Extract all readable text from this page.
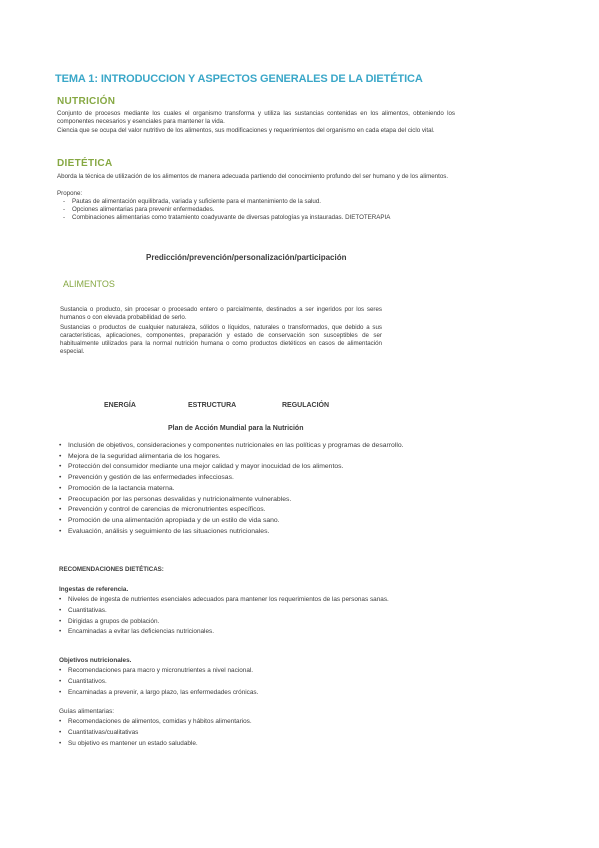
TEMA 1: INTRODUCCION Y ASPECTOS GENERALES DE LA DIETÉTICA
NUTRICIÓN
Conjunto de procesos mediante los cuales el organismo transforma y utiliza las sustancias contenidas en los alimentos, obteniendo los componentes necesarios y esenciales para mantener la vida.
Ciencia que se ocupa del valor nutritivo de los alimentos, sus modificaciones y requerimientos del organismo en cada etapa del ciclo vital.
DIETÉTICA
Aborda la técnica de utilización de los alimentos de manera adecuada partiendo del conocimiento profundo del ser humano y de los alimentos.
Propone:
- Pautas de alimentación equilibrada, variada y suficiente para el mantenimiento de la salud.
- Opciones alimentarias para prevenir enfermedades.
- Combinaciones alimentarias como tratamiento coadyuvante de diversas patologías ya instauradas. DIETOTERAPIA
Predicción/prevención/personalización/participación
ALIMENTOS
Sustancia o producto, sin procesar o procesado entero o parcialmente, destinados a ser ingeridos por los seres humanos o con elevada probabilidad de serlo.
Sustancias o productos de cualquier naturaleza, sólidos o líquidos, naturales o transformados, que debido a sus características, aplicaciones, componentes, preparación y estado de conservación son susceptibles de ser habitualmente utilizados para la normal nutrición humana o como productos dietéticos en casos de alimentación especial.
ENERGÍA	ESTRUCTURA	REGULACIÓN
Plan de Acción Mundial para la Nutrición
• Inclusión de objetivos, consideraciones y componentes nutricionales en las políticas y programas de desarrollo.
• Mejora de la seguridad alimentaria de los hogares.
• Protección del consumidor mediante una mejor calidad y mayor inocuidad de los alimentos.
• Prevención y gestión de las enfermedades infecciosas.
• Promoción de la lactancia materna.
• Preocupación por las personas desvalidas y nutricionalmente vulnerables.
• Prevención y control de carencias de micronutrientes específicos.
• Promoción de una alimentación apropiada y de un estilo de vida sano.
• Evaluación, análisis y seguimiento de las situaciones nutricionales.
RECOMENDACIONES DIETÉTICAS:
Ingestas de referencia.
• Niveles de ingesta de nutrientes esenciales adecuados para mantener los requerimientos de las personas sanas.
• Cuantitativas.
• Dirigidas a grupos de población.
• Encaminadas a evitar las deficiencias nutricionales.
Objetivos nutricionales.
• Recomendaciones para macro y micronutrientes a nivel nacional.
• Cuantitativos.
• Encaminadas a prevenir, a largo plazo, las enfermedades crónicas.
Guías alimentarias:
• Recomendaciones de alimentos, comidas y hábitos alimentarios.
• Cuantitativas/cualitativas
• Su objetivo es mantener un estado saludable.
